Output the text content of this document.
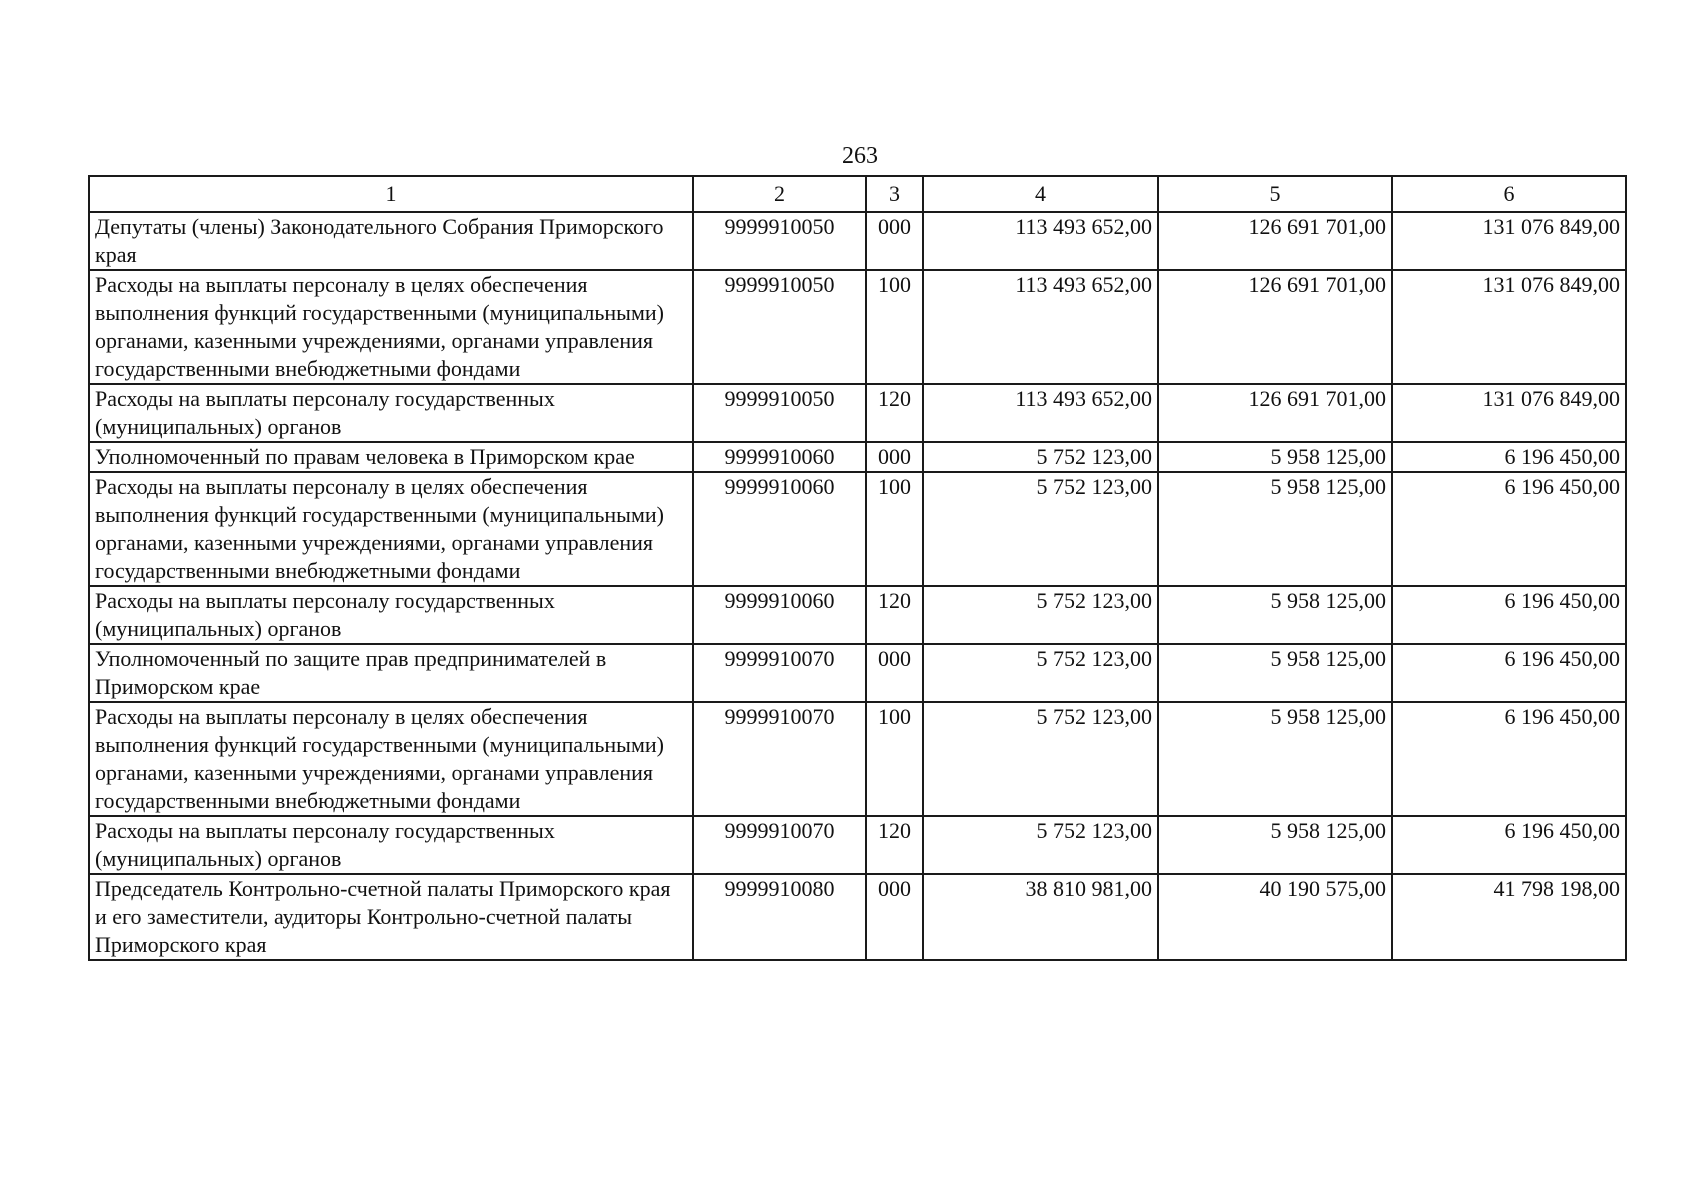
263
1	2	3	4	5	6
Депутаты (члены) Законодательного Собрания Приморского края	9999910050	000	113 493 652,00	126 691 701,00	131 076 849,00
Расходы на выплаты персоналу в целях обеспечения выполнения функций государственными (муниципальными) органами, казенными учреждениями, органами управления государственными внебюджетными фондами	9999910050	100	113 493 652,00	126 691 701,00	131 076 849,00
Расходы на выплаты персоналу государственных (муниципальных) органов	9999910050	120	113 493 652,00	126 691 701,00	131 076 849,00
Уполномоченный по правам человека в Приморском крае	9999910060	000	5 752 123,00	5 958 125,00	6 196 450,00
Расходы на выплаты персоналу в целях обеспечения выполнения функций государственными (муниципальными) органами, казенными учреждениями, органами управления государственными внебюджетными фондами	9999910060	100	5 752 123,00	5 958 125,00	6 196 450,00
Расходы на выплаты персоналу государственных (муниципальных) органов	9999910060	120	5 752 123,00	5 958 125,00	6 196 450,00
Уполномоченный по защите прав предпринимателей в Приморском крае	9999910070	000	5 752 123,00	5 958 125,00	6 196 450,00
Расходы на выплаты персоналу в целях обеспечения выполнения функций государственными (муниципальными) органами, казенными учреждениями, органами управления государственными внебюджетными фондами	9999910070	100	5 752 123,00	5 958 125,00	6 196 450,00
Расходы на выплаты персоналу государственных (муниципальных) органов	9999910070	120	5 752 123,00	5 958 125,00	6 196 450,00
Председатель Контрольно-счетной палаты Приморского края и его заместители, аудиторы Контрольно-счетной палаты Приморского края	9999910080	000	38 810 981,00	40 190 575,00	41 798 198,00
